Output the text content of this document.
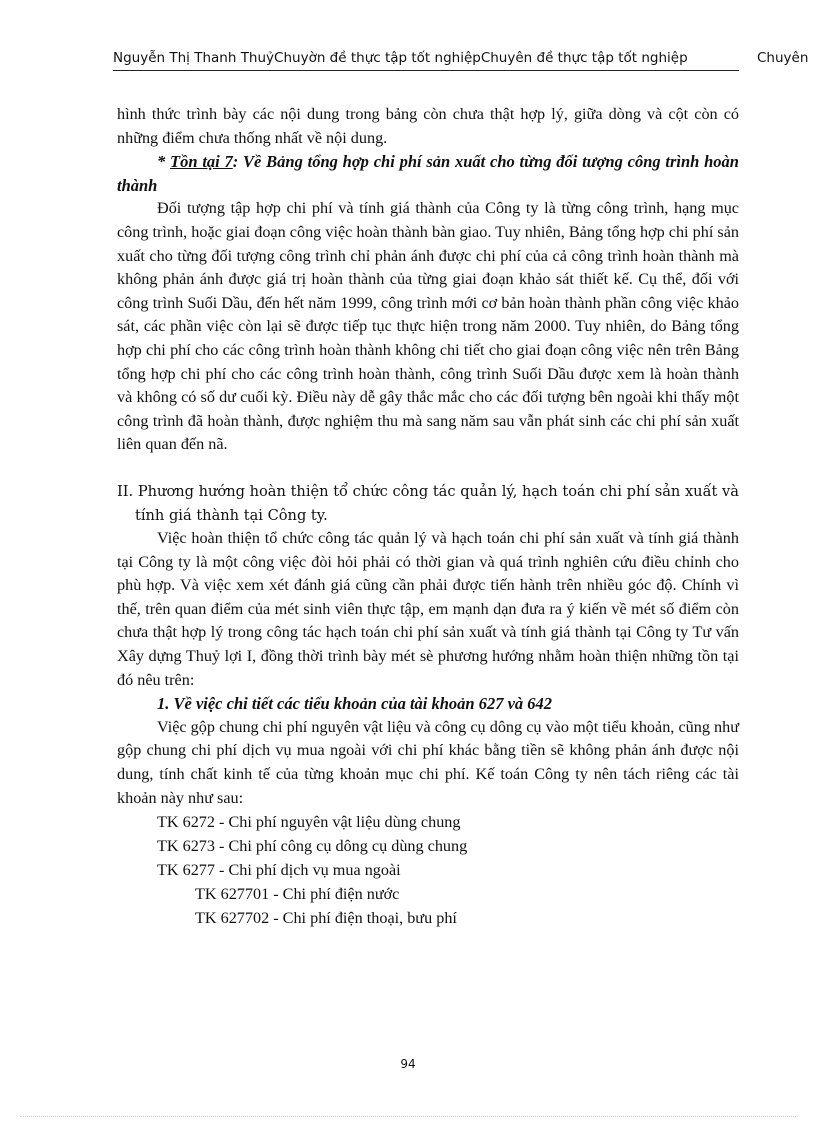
Nguyễn Thị Thanh ThuỷChuyờn đề thực tập tốt nghiệpChuyên đề thực tập tốt nghiệp	Chuyên

hình thức trình bày các nội dung trong bảng còn chưa thật hợp lý, giữa dòng và cột còn có những điểm chưa thống nhất về nội dung.

* Tồn tại 7: Về Bảng tổng hợp chi phí sản xuất cho từng đối tượng công trình hoàn thành

Đối tượng tập hợp chi phí và tính giá thành của Công ty là từng công trình, hạng mục công trình, hoặc giai đoạn công việc hoàn thành bàn giao. Tuy nhiên, Bảng tổng hợp chi phí sản xuất cho từng đối tượng công trình chỉ phản ánh được chi phí của cả công trình hoàn thành mà không phản ánh được giá trị hoàn thành của từng giai đoạn khảo sát thiết kế. Cụ thể, đối với công trình Suối Dầu, đến hết năm 1999, công trình mới cơ bản hoàn thành phần công việc khảo sát, các phần việc còn lại sẽ được tiếp tục thực hiện trong năm 2000. Tuy nhiên, do Bảng tổng hợp chi phí cho các công trình hoàn thành không chi tiết cho giai đoạn công việc nên trên Bảng tổng hợp chi phí cho các công trình hoàn thành, công trình Suối Dầu được xem là hoàn thành và không có số dư cuối kỳ. Điều này dễ gây thắc mắc cho các đối tượng bên ngoài khi thấy một công trình đã hoàn thành, được nghiệm thu mà sang năm sau vẫn phát sinh các chi phí sản xuất liên quan đến nã.

II. Phương hướng hoàn thiện tổ chức công tác quản lý, hạch toán chi phí sản xuất và tính giá thành tại Công ty.

Việc hoàn thiện tổ chức công tác quản lý và hạch toán chi phí sản xuất và tính giá thành tại Công ty là một công việc đòi hỏi phải có thời gian và quá trình nghiên cứu điều chỉnh cho phù hợp. Và việc xem xét đánh giá cũng cần phải được tiến hành trên nhiều góc độ. Chính vì thế, trên quan điểm của mét sinh viên thực tập, em mạnh dạn đưa ra ý kiến về mét số điểm còn chưa thật hợp lý trong công tác hạch toán chi phí sản xuất và tính giá thành tại Công ty Tư vấn Xây dựng Thuỷ lợi I, đồng thời trình bày mét sè phương hướng nhằm hoàn thiện những tồn tại đó nêu trên:

1. Về việc chi tiết các tiểu khoản của tài khoản 627 và 642

Việc gộp chung chi phí nguyên vật liệu và công cụ dông cụ vào một tiểu khoản, cũng như gộp chung chi phí dịch vụ mua ngoài với chi phí khác bằng tiền sẽ không phản ánh được nội dung, tính chất kinh tế của từng khoản mục chi phí. Kế toán Công ty nên tách riêng các tài khoản này như sau:

TK 6272 - Chi phí nguyên vật liệu dùng chung
TK 6273 - Chi phí công cụ dông cụ dùng chung
TK 6277 - Chi phí dịch vụ mua ngoài
TK 627701 - Chi phí điện nước
TK 627702 - Chi phí điện thoại, bưu phí
94
